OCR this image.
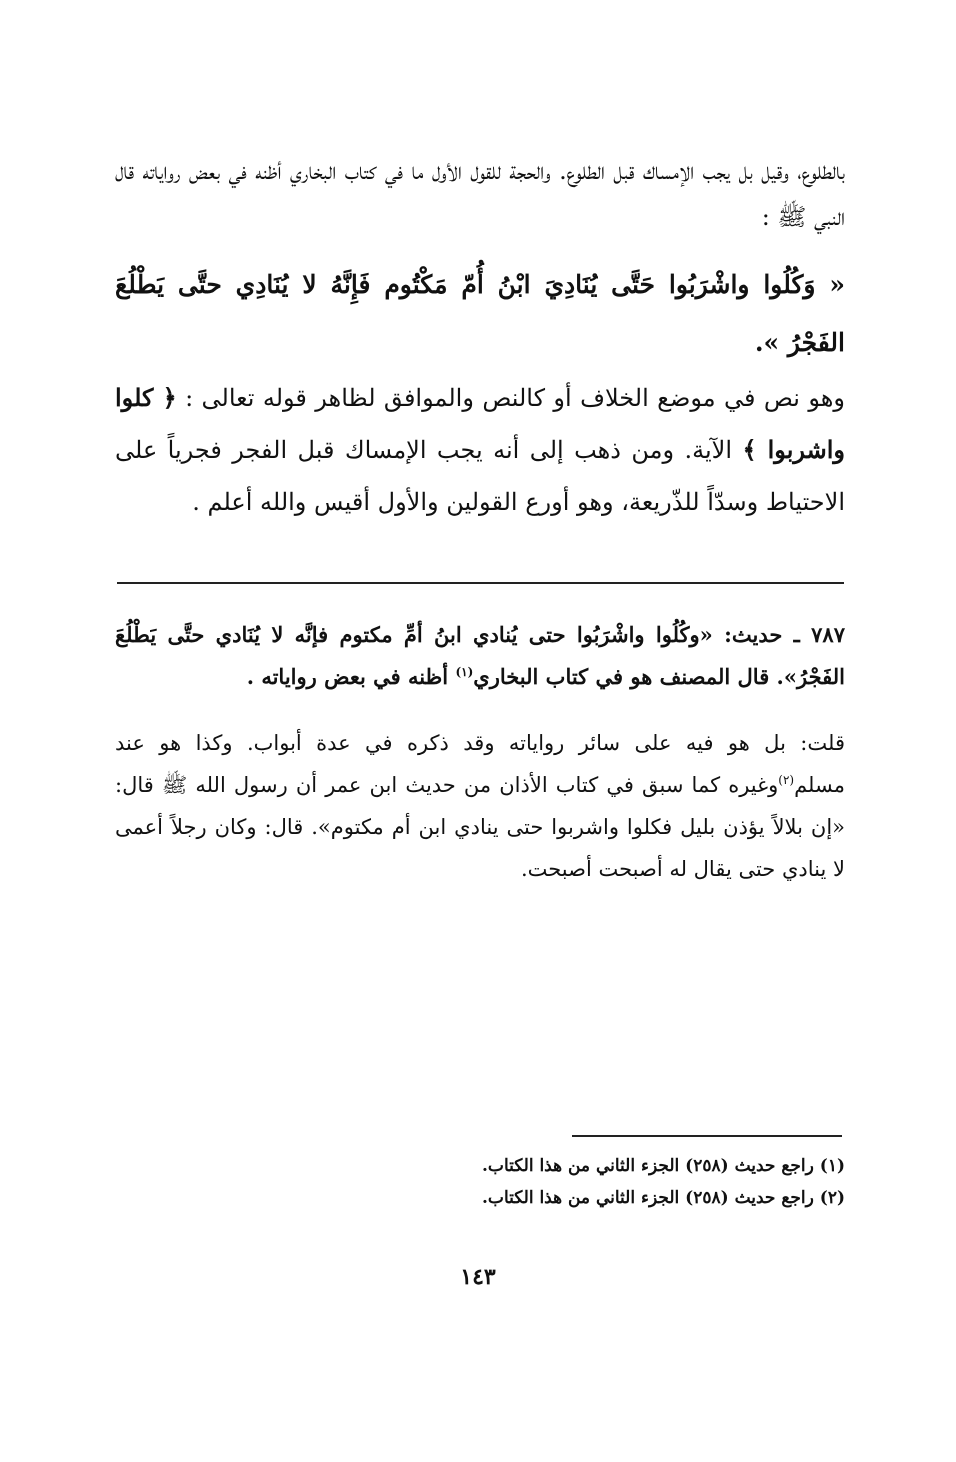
بالطلوع، وقيل بل يجب الإمساك قبل الطلوع. والحجة للقول الأول ما في كتاب البخاري أظنه في بعض رواياته قال النبي ﷺ :

« وَكُلُوا واشْرَبُوا حَتَّى يُنَادِيَ ابْنُ أُمّ مَكْتُوم فَإِنَّهُ لا يُنَادِي حتَّى يَطْلُعَ الفَجْرُ ».

وهو نص في موضع الخلاف أو كالنص والموافق لظاهر قوله تعالى : ﴿ كلوا واشربوا ﴾ الآية. ومن ذهب إلى أنه يجب الإمساك قبل الفجر فجرياً على الاحتياط وسدّاً للذّريعة، وهو أورع القولين والأول أقيس والله أعلم .

٧٨٧ ـ حديث: «وكُلُوا واشْرَبُوا حتى يُنادي ابنُ أمِّ مكتوم فإنَّه لا يُنَادي حتَّى يَطْلُعَ الفَجْرُ». قال المصنف هو في كتاب البخاري$^{(١)}$ أظنه في بعض رواياته .

قلت: بل هو فيه على سائر رواياته وقد ذكره في عدة أبواب. وكذا هو عند مسلم$^{(٢)}$وغيره كما سبق في كتاب الأذان من حديث ابن عمر أن رسول الله ﷺ قال: «إن بلالاً يؤذن بليل فكلوا واشربوا حتى ينادي ابن أم مكتوم». قال: وكان رجلاً أعمى لا ينادي حتى يقال له أصبحت أصبحت.

(١) راجع حديث (٢٥٨) الجزء الثاني من هذا الكتاب.
(٢) راجع حديث (٢٥٨) الجزء الثاني من هذا الكتاب.
١٤٣
